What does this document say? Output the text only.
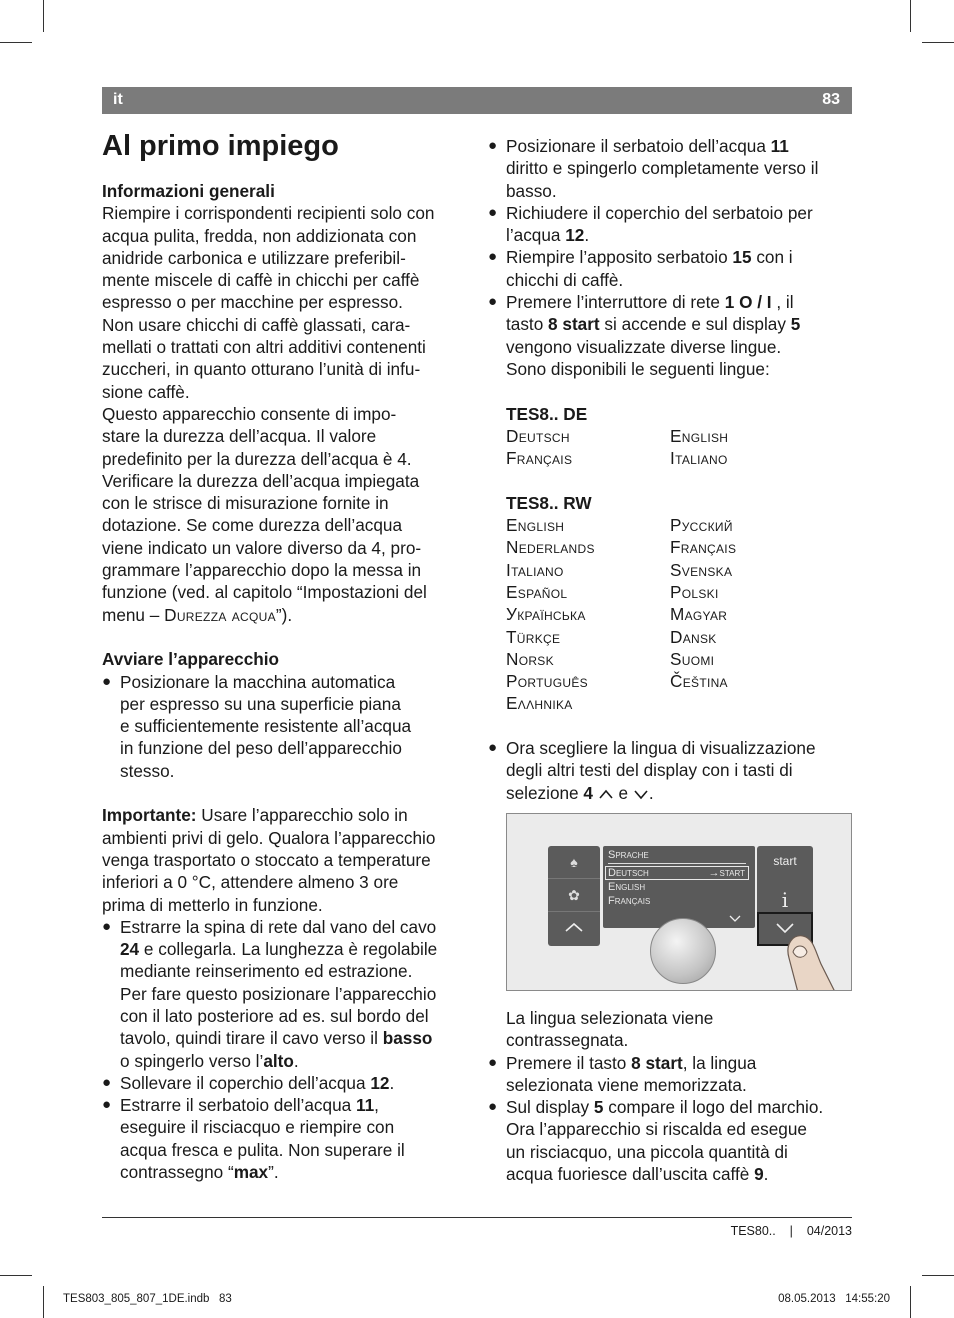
it	83
Al primo impiego
Informazioni generali
Riempire i corrispondenti recipienti solo con
acqua pulita, fredda, non addizionata con
anidride carbonica e utilizzare preferibil-
mente miscele di caffè in chicchi per caffè
espresso o per macchine per espresso.
Non usare chicchi di caffè glassati, cara-
mellati o trattati con altri additivi contenenti
zuccheri, in quanto otturano l’unità di infu-
sione caffè.
Questo apparecchio consente di impo-
stare la durezza dell’acqua. Il valore
predefinito per la durezza dell’acqua è 4.
Verificare la durezza dell’acqua impiegata
con le strisce di misurazione fornite in
dotazione. Se come durezza dell’acqua
viene indicato un valore diverso da 4, pro-
grammare l’apparecchio dopo la messa in
funzione (ved. al capitolo “Impostazioni del
menu – Durezza acqua”).
Avviare l’apparecchio
● Posizionare la macchina automatica
per espresso su una superficie piana
e sufficientemente resistente all’acqua
in funzione del peso dell’apparecchio
stesso.
Importante: Usare l’apparecchio solo in
ambienti privi di gelo. Qualora l’apparecchio
venga trasportato o stoccato a temperature
inferiori a 0 °C, attendere almeno 3 ore
prima di metterlo in funzione.
● Estrarre la spina di rete dal vano del cavo
24 e collegarla. La lunghezza è regolabile
mediante reinserimento ed estrazione.
Per fare questo posizionare l’apparecchio
con il lato posteriore ad es. sul bordo del
tavolo, quindi tirare il cavo verso il basso
o spingerlo verso l’alto.
● Sollevare il coperchio dell’acqua 12.
● Estrarre il serbatoio dell’acqua 11,
eseguire il risciacquo e riempire con
acqua fresca e pulita. Non superare il
contrassegno “max”.
● Posizionare il serbatoio dell’acqua 11
diritto e spingerlo completamente verso il
basso.
● Richiudere il coperchio del serbatoio per
l’acqua 12.
● Riempire l’apposito serbatoio 15 con i
chicchi di caffè.
● Premere l’interruttore di rete 1 O / I , il
tasto 8 start si accende e sul display 5
vengono visualizzate diverse lingue.
Sono disponibili le seguenti lingue:
TES8.. DE
Deutsch	English
Français	Italiano
TES8.. RW
English	Русский
Nederlands	Français
Italiano	Svenska
Español	Polski
Українська	Magyar
Türkçe	Dansk
Norsk	Suomi
Português	Čeština
Ελληνικα
● Ora scegliere la lingua di visualizzazione
degli altri testi del display con i tasti di
selezione 4  e .
♠
✿
Sprache
Deutsch	→start
English
Français
start
i
La lingua selezionata viene
contrassegnata.
● Premere il tasto 8 start, la lingua
selezionata viene memorizzata.
● Sul display 5 compare il logo del marchio.
Ora l’apparecchio si riscalda ed esegue
un risciacquo, una piccola quantità di
acqua fuoriesce dall’uscita caffè 9.
TES80.. | 04/2013
TES803_805_807_1DE.indb   83	08.05.2013   14:55:20
